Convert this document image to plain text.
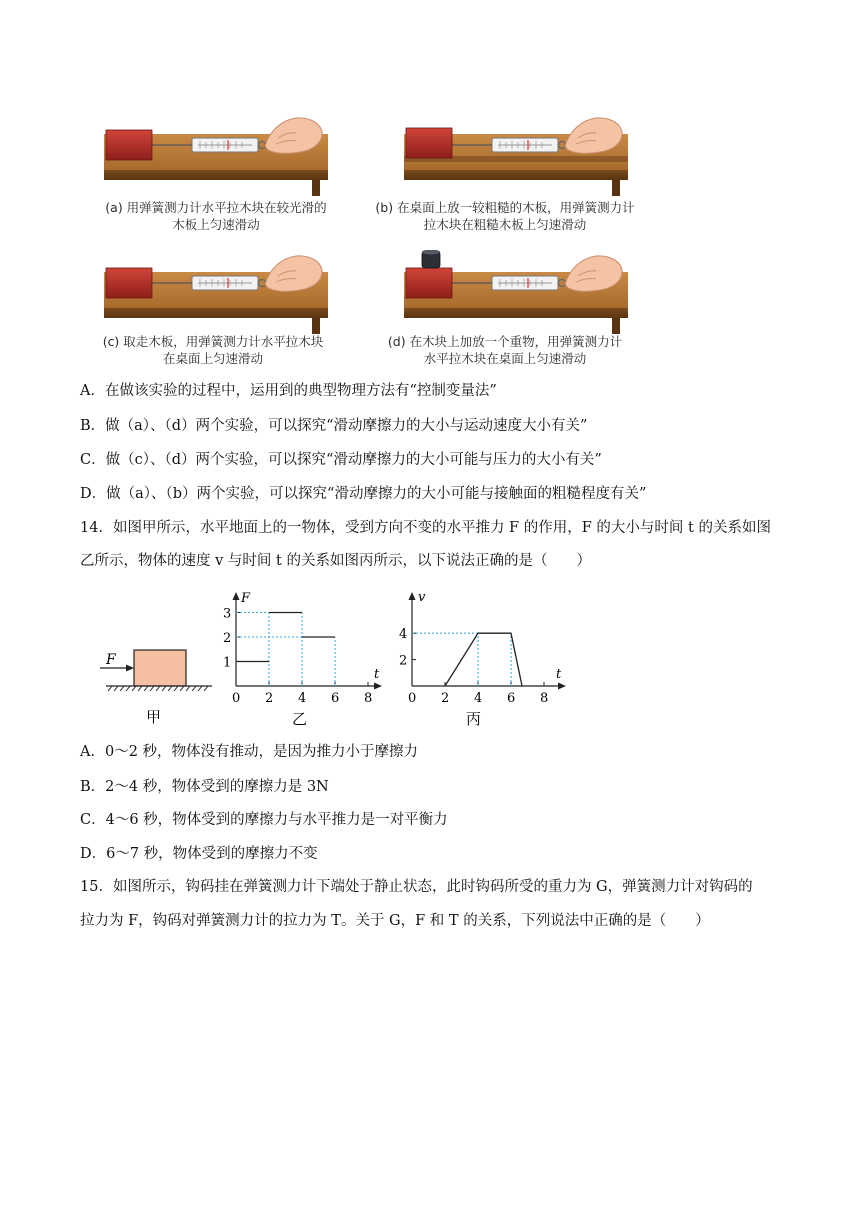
(a) 用弹簧测力计水平拉木块在较光滑的
木板上匀速滑动
(b) 在桌面上放一较粗糙的木板，用弹簧测力计
拉木块在粗糙木板上匀速滑动
(c) 取走木板，用弹簧测力计水平拉木块
在桌面上匀速滑动
(d) 在木块上加放一个重物，用弹簧测力计
水平拉木块在桌面上匀速滑动
A．在做该实验的过程中，运用到的典型物理方法有“控制变量法”
B．做（a）、（d）两个实验，可以探究“滑动摩擦力的大小与运动速度大小有关”
C．做（c）、（d）两个实验，可以探究“滑动摩擦力的大小可能与压力的大小有关”
D．做（a）、（b）两个实验，可以探究“滑动摩擦力的大小可能与接触面的粗糙程度有关”
14．如图甲所示，水平地面上的一物体，受到方向不变的水平推力 F 的作用，F 的大小与时间 t 的关系如图
乙所示，物体的速度 v 与时间 t 的关系如图丙所示，以下说法正确的是（　　）
F
甲
F
t
0 2 4 6 8
1
2
3
乙
v
t
0 2 4 6 8
2
4
丙
A．0～2 秒，物体没有推动，是因为推力小于摩擦力
B．2～4 秒，物体受到的摩擦力是 3N
C．4～6 秒，物体受到的摩擦力与水平推力是一对平衡力
D．6～7 秒，物体受到的摩擦力不变
15．如图所示，钩码挂在弹簧测力计下端处于静止状态，此时钩码所受的重力为 G，弹簧测力计对钩码的
拉力为 F，钩码对弹簧测力计的拉力为 T。关于 G，F 和 T 的关系，下列说法中正确的是（　　）
